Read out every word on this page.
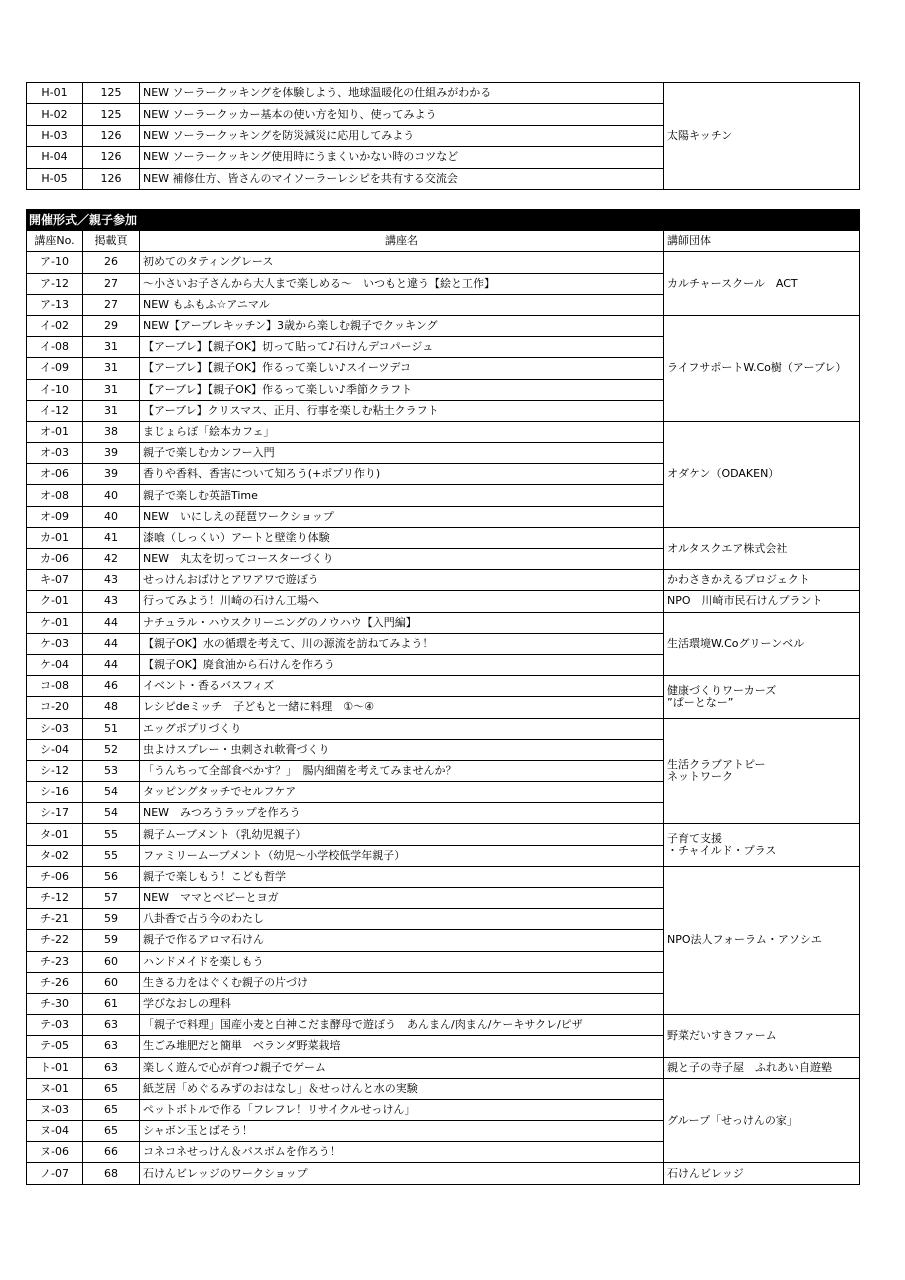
H-01	125	NEW ソーラークッキングを体験しよう、地球温暖化の仕組みがわかる	太陽キッチン
H-02	125	NEW ソーラークッカー基本の使い方を知り、使ってみよう	
H-03	126	NEW ソーラークッキングを防災減災に応用してみよう	
H-04	126	NEW ソーラークッキング使用時にうまくいかない時のコツなど	
H-05	126	NEW 補修仕方、皆さんのマイソーラーレシピを共有する交流会	
開催形式／親子参加			
講座No.	掲載頁	講座名	講師団体
ア-10	26	初めてのタティングレース	カルチャースクール　ACT
ア-12	27	～小さいお子さんから大人まで楽しめる～　いつもと違う【絵と工作】	
ア-13	27	NEW もふもふ☆アニマル	
イ-02	29	NEW【アーブレキッチン】3歳から楽しむ親子でクッキング	ライフサポートW.Co樹（アーブレ）
イ-08	31	【アーブレ】【親子OK】切って貼って♪石けんデコパージュ	
イ-09	31	【アーブレ】【親子OK】作るって楽しい♪スイーツデコ	
イ-10	31	【アーブレ】【親子OK】作るって楽しい♪季節クラフト	
イ-12	31	【アーブレ】クリスマス、正月、行事を楽しむ粘土クラフト	
オ-01	38	まじょらぼ「絵本カフェ」	オダケン（ODAKEN）
オ-03	39	親子で楽しむカンフー入門	
オ-06	39	香りや香料、香害について知ろう(+ポプリ作り)	
オ-08	40	親子で楽しむ英語Time	
オ-09	40	NEW　いにしえの琵琶ワークショップ	
カ-01	41	漆喰（しっくい）アートと壁塗り体験	オルタスクエア株式会社
カ-06	42	NEW　丸太を切ってコースターづくり	
キ-07	43	せっけんおばけとアワアワで遊ぼう	かわさきかえるプロジェクト
ク-01	43	行ってみよう！川崎の石けん工場へ	NPO　川崎市民石けんプラント
ケ-01	44	ナチュラル・ハウスクリーニングのノウハウ【入門編】	生活環境W.Coグリーンベル
ケ-03	44	【親子OK】水の循環を考えて、川の源流を訪ねてみよう！	
ケ-04	44	【親子OK】廃食油から石けんを作ろう	
コ-08	46	イベント・香るバスフィズ	健康づくりワーカーズ
”ぱーとなー”
コ-20	48	レシピdeミッチ　子どもと一緒に料理　①～④	
シ-03	51	エッグポプリづくり	生活クラブアトピー
ネットワーク
シ-04	52	虫よけスプレー・虫刺され軟膏づくり	
シ-12	53	「うんちって全部食べかす？」　腸内細菌を考えてみませんか？	
シ-16	54	タッピングタッチでセルフケア	
シ-17	54	NEW　みつろうラップを作ろう	
タ-01	55	親子ムーブメント（乳幼児親子）	子育て支援
・チャイルド・プラス
タ-02	55	ファミリームーブメント（幼児～小学校低学年親子）	
チ-06	56	親子で楽しもう！こども哲学	NPO法人フォーラム・アソシエ
チ-12	57	NEW　ママとベビーとヨガ	
チ-21	59	八卦香で占う今のわたし	
チ-22	59	親子で作るアロマ石けん	
チ-23	60	ハンドメイドを楽しもう	
チ-26	60	生きる力をはぐくむ親子の片づけ	
チ-30	61	学びなおしの理科	
テ-03	63	「親子で料理」国産小麦と白神こだま酵母で遊ぼう　あんまん/肉まん/ケーキサクレ/ピザ	野菜だいすきファーム
テ-05	63	生ごみ堆肥だと簡単　ベランダ野菜栽培	
ト-01	63	楽しく遊んで心が育つ♪親子でゲーム	親と子の寺子屋　ふれあい自遊塾
ヌ-01	65	紙芝居「めぐるみずのおはなし」＆せっけんと水の実験	グループ「せっけんの家」
ヌ-03	65	ペットボトルで作る「フレフレ！リサイクルせっけん」	
ヌ-04	65	シャボン玉とばそう！	
ヌ-06	66	コネコネせっけん＆バスボムを作ろう！	
ノ-07	68	石けんビレッジのワークショップ	石けんビレッジ
